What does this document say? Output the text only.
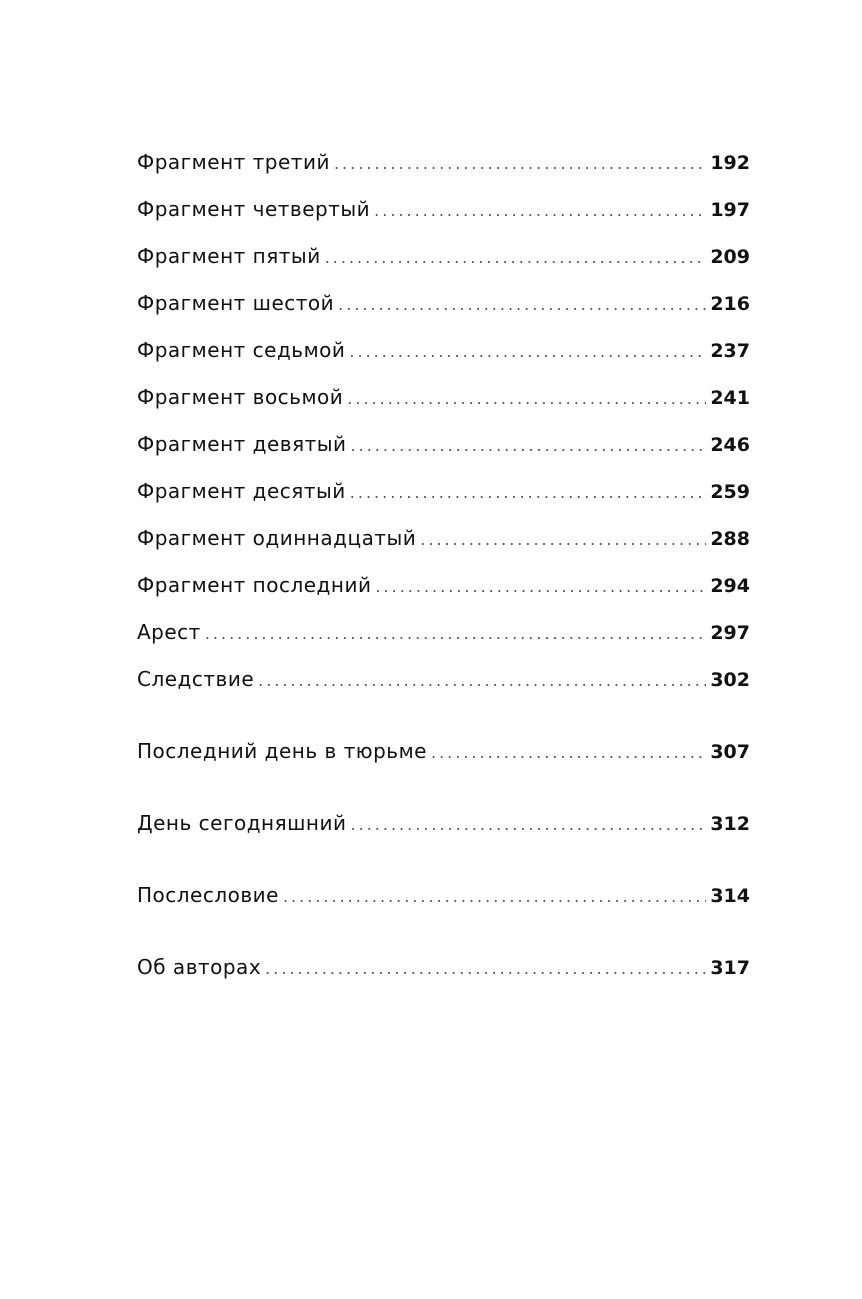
Фрагмент третий .....	192
Фрагмент четвертый .....	197
Фрагмент пятый .....	209
Фрагмент шестой .....	216
Фрагмент седьмой .....	237
Фрагмент восьмой .....	241
Фрагмент девятый .....	246
Фрагмент десятый .....	259
Фрагмент одиннадцатый .....	288
Фрагмент последний .....	294
Арест .....	297
Следствие .....	302
Последний день в тюрьме .....	307
День сегодняшний .....	312
Послесловие .....	314
Об авторах .....	317
